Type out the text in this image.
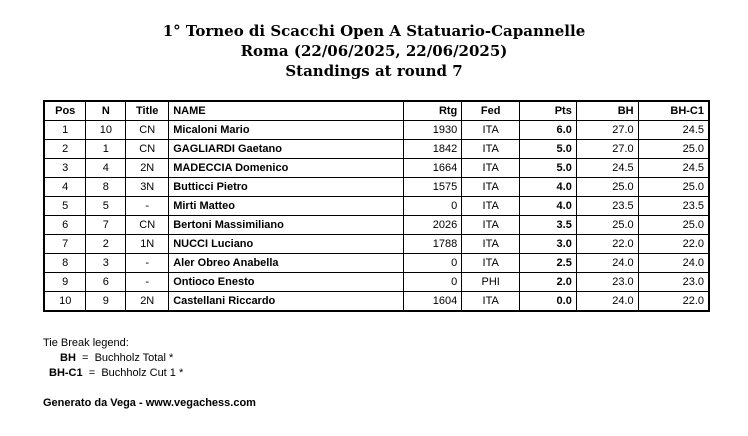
1° Torneo di Scacchi Open A Statuario-Capannelle
Roma (22/06/2025, 22/06/2025)
Standings at round 7
Pos	N	Title	NAME	Rtg	Fed	Pts	BH	BH-C1
1	10	CN	Micaloni Mario	1930	ITA	6.0	27.0	24.5
2	1	CN	GAGLIARDI Gaetano	1842	ITA	5.0	27.0	25.0
3	4	2N	MADECCIA Domenico	1664	ITA	5.0	24.5	24.5
4	8	3N	Butticci Pietro	1575	ITA	4.0	25.0	25.0
5	5	-	Mirti Matteo	0	ITA	4.0	23.5	23.5
6	7	CN	Bertoni Massimiliano	2026	ITA	3.5	25.0	25.0
7	2	1N	NUCCI Luciano	1788	ITA	3.0	22.0	22.0
8	3	-	Aler Obreo Anabella	0	ITA	2.5	24.0	24.0
9	6	-	Ontioco Enesto	0	PHI	2.0	23.0	23.0
10	9	2N	Castellani Riccardo	1604	ITA	0.0	24.0	22.0
Tie Break legend:
BH = Buchholz Total *
BH-C1 = Buchholz Cut 1 *
Generato da Vega - www.vegachess.com
